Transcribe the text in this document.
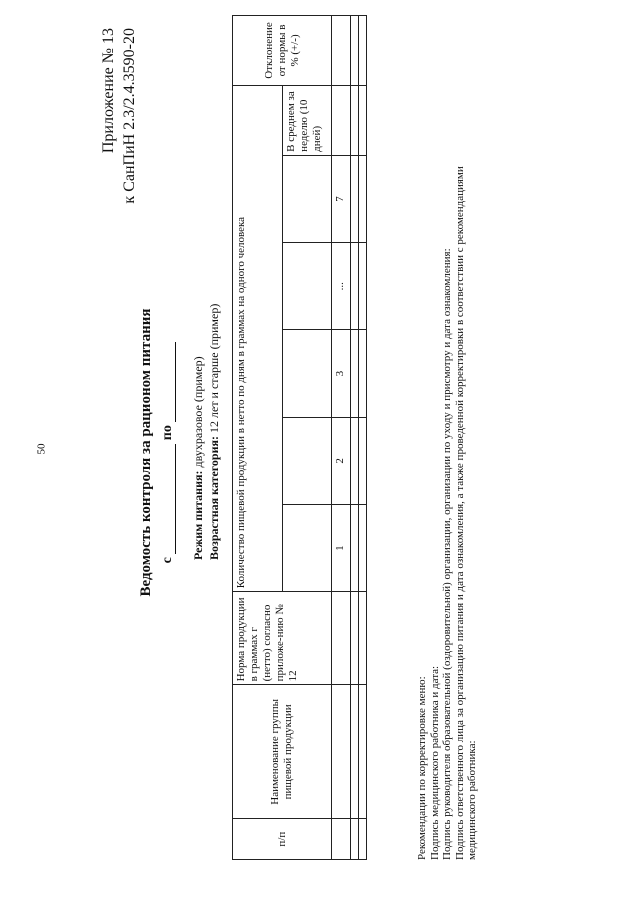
50
Приложение № 13 к СанПиН 2.3/2.4.3590-20
Ведомость контроля за рационом питания с  по
Режим питания: двухразовое (пример)
Возрастная категория: 12 лет и старше (пример)
п/п	Наименование группы пищевой продукции	Норма продукции в граммах г (нетто) согласно приложе-нию № 12	Количество пищевой продукции в нетто по дням в граммах на одного человека						Отклонение от нормы в % (+/-)
								В среднем за неделю (10 дней)	
			1	2	3	...	7		

Рекомендации по корректировке меню: Подпись медицинского работника и дата: Подпись руководителя образовательной (оздоровительной) организации, организации по уходу и присмотру и дата ознакомления: Подпись ответственного лица за организацию питания и дата ознакомления, а также проведенной корректировки в соответствии с рекомендациями медицинского работника:
